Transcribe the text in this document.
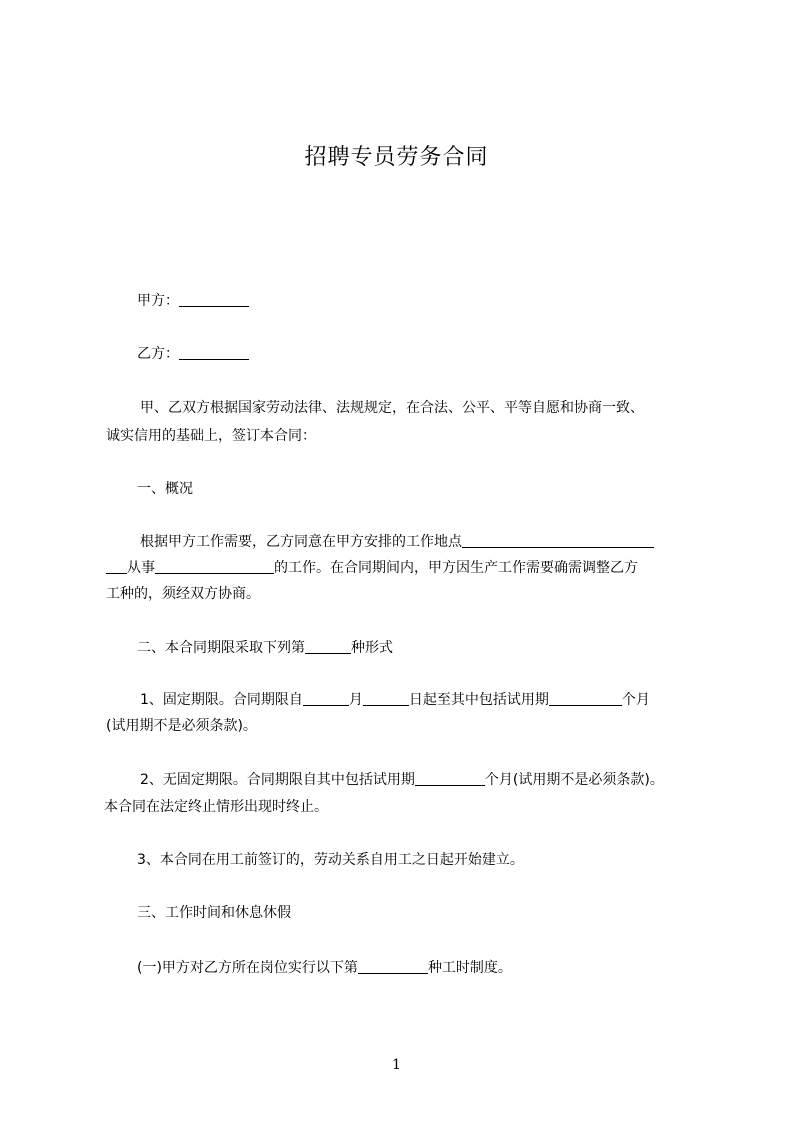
招聘专员劳务合同
甲方：
乙方：
甲、乙双方根据国家劳动法律、法规规定，在合法、公平、平等自愿和协商一致、
诚实信用的基础上，签订本合同：
一、概况
根据甲方工作需要，乙方同意在甲方安排的工作地点
从事	的工作。在合同期间内，甲方因生产工作需要确需调整乙方
工种的，须经双方协商。
二、本合同期限采取下列第	种形式
1、固定期限。合同期限自	月	日起至其中包括试用期	个月
(试用期不是必须条款)。
2、无固定期限。合同期限自其中包括试用期	个月(试用期不是必须条款)。
本合同在法定终止情形出现时终止。
3、本合同在用工前签订的，劳动关系自用工之日起开始建立。
三、工作时间和休息休假
(一)甲方对乙方所在岗位实行以下第	种工时制度。
1
